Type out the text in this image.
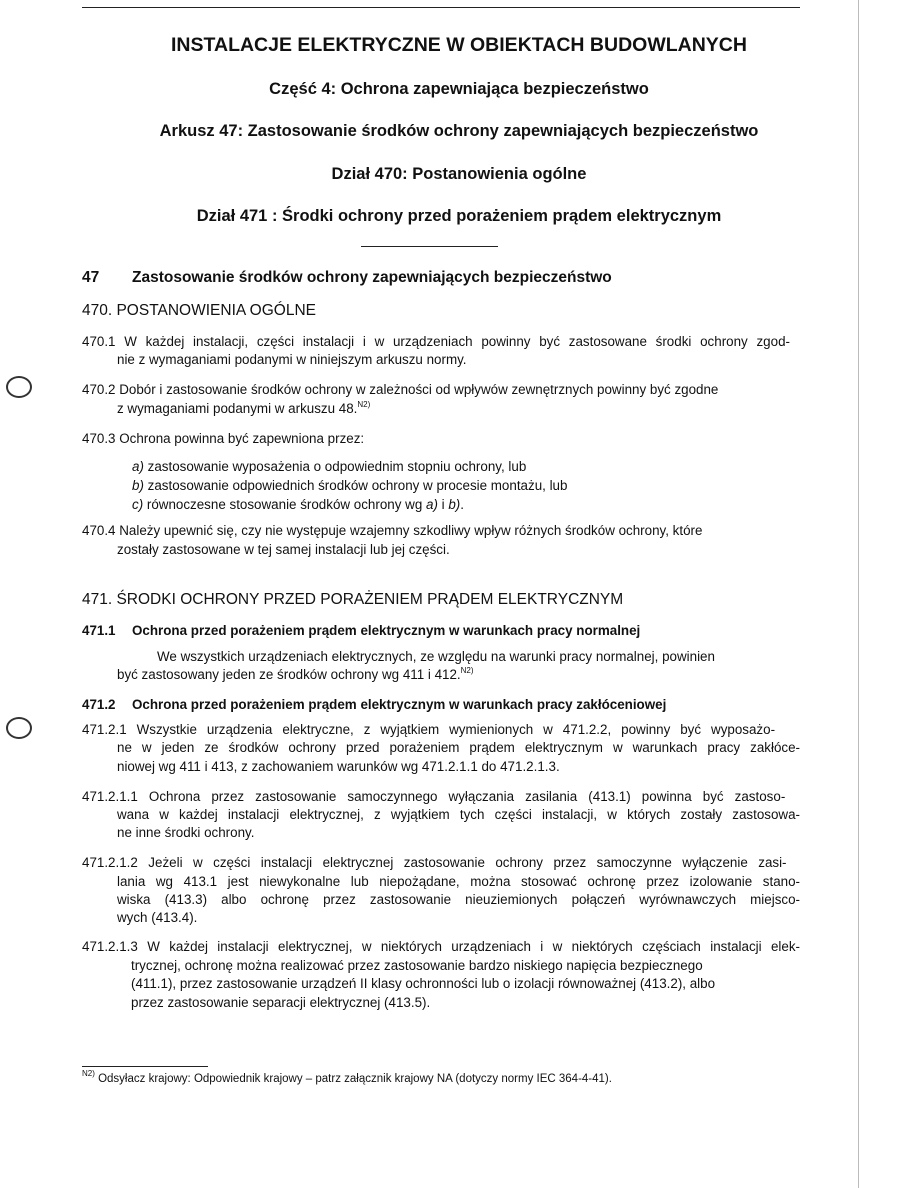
INSTALACJE ELEKTRYCZNE W OBIEKTACH BUDOWLANYCH
Część 4: Ochrona zapewniająca bezpieczeństwo
Arkusz 47: Zastosowanie środków ochrony zapewniających bezpieczeństwo
Dział 470: Postanowienia ogólne
Dział 471 : Środki ochrony przed porażeniem prądem elektrycznym
47 Zastosowanie środków ochrony zapewniających bezpieczeństwo
470. POSTANOWIENIA OGÓLNE
470.1 W każdej instalacji, części instalacji i w urządzeniach powinny być zastosowane środki ochrony zgod-
nie z wymaganiami podanymi w niniejszym arkuszu normy.
470.2 Dobór i zastosowanie środków ochrony w zależności od wpływów zewnętrznych powinny być zgodne
z wymaganiami podanymi w arkuszu 48.$^{N2)}$
470.3 Ochrona powinna być zapewniona przez:
a) zastosowanie wyposażenia o odpowiednim stopniu ochrony, lub
b) zastosowanie odpowiednich środków ochrony w procesie montażu, lub
c) równoczesne stosowanie środków ochrony wg a) i b).
470.4 Należy upewnić się, czy nie występuje wzajemny szkodliwy wpływ różnych środków ochrony, które
zostały zastosowane w tej samej instalacji lub jej części.
471. ŚRODKI OCHRONY PRZED PORAŻENIEM PRĄDEM ELEKTRYCZNYM
471.1 Ochrona przed porażeniem prądem elektrycznym w warunkach pracy normalnej
We wszystkich urządzeniach elektrycznych, ze względu na warunki pracy normalnej, powinien
być zastosowany jeden ze środków ochrony wg 411 i 412.$^{N2)}$
471.2 Ochrona przed porażeniem prądem elektrycznym w warunkach pracy zakłóceniowej
471.2.1 Wszystkie urządzenia elektryczne, z wyjątkiem wymienionych w 471.2.2, powinny być wyposażo-
ne w jeden ze środków ochrony przed porażeniem prądem elektrycznym w warunkach pracy zakłóce-
niowej wg 411 i 413, z zachowaniem warunków wg 471.2.1.1 do 471.2.1.3.
471.2.1.1 Ochrona przez zastosowanie samoczynnego wyłączania zasilania (413.1) powinna być zastoso-
wana w każdej instalacji elektrycznej, z wyjątkiem tych części instalacji, w których zostały zastosowa-
ne inne środki ochrony.
471.2.1.2 Jeżeli w części instalacji elektrycznej zastosowanie ochrony przez samoczynne wyłączenie zasi-
lania wg 413.1 jest niewykonalne lub niepożądane, można stosować ochronę przez izolowanie stano-
wiska (413.3) albo ochronę przez zastosowanie nieuziemionych połączeń wyrównawczych miejsco-
wych (413.4).
471.2.1.3 W każdej instalacji elektrycznej, w niektórych urządzeniach i w niektórych częściach instalacji elek-
trycznej, ochronę można realizować przez zastosowanie bardzo niskiego napięcia bezpiecznego
(411.1), przez zastosowanie urządzeń II klasy ochronności lub o izolacji równoważnej (413.2), albo
przez zastosowanie separacji elektrycznej (413.5).
$^{N2)}$ Odsyłacz krajowy: Odpowiednik krajowy – patrz załącznik krajowy NA (dotyczy normy IEC 364-4-41).
